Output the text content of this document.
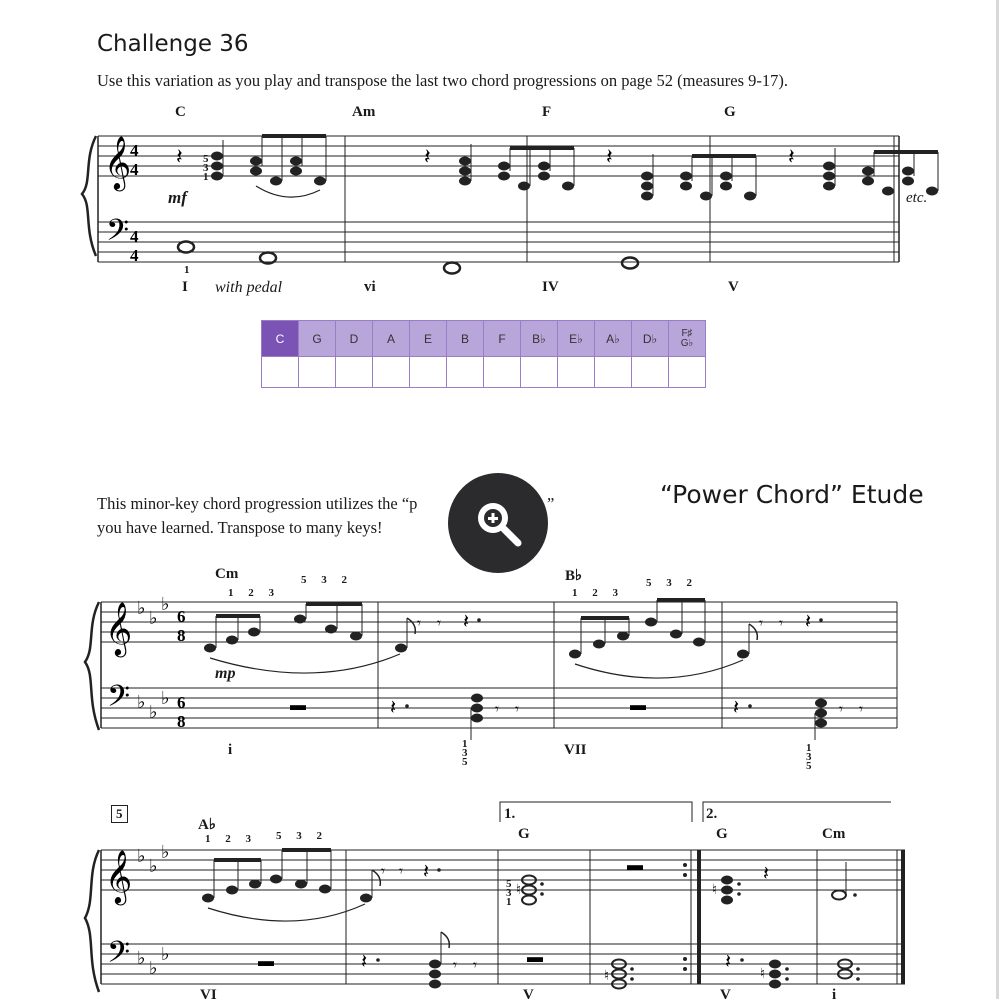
Challenge 36
Use this variation as you play and transpose the last two chord progressions on page 52 (measures 9-17).
C	Am	F	G
𝄞
𝄢
4
4
4
4
𝄽	𝄽	𝄽	𝄽
5
3
1
mf	etc.
1
I with pedal	vi	IV	V
C	G	D	A	E	B	F	B♭	E♭	A♭	D♭	F♯
G♭

“Power Chord” Etude
This minor-key chord progression utilizes the “p	”
you have learned. Transpose to many keys!
Cm	B♭
1 2 3
5 3 2
1 2 3
5 3 2
𝄞
𝄢
♭ ♭
♭
♭ ♭
♭
6
8
6
8
▬
𝄾 𝄾 𝄽
𝄽	𝄾 𝄾	▬
𝄾 𝄾 𝄽
𝄽	𝄾 𝄾
mp
1
3
5
1
3
5
i	VII
5
A♭
1 2 3 5 3 2
1.	2.
G	G	Cm
𝄞
𝄢
♭ ♭
♭
♭ ♭
♭	▬
𝄾 𝄾 𝄽
𝄽	𝄾 𝄾
♮
▬
▬
♮
♮
𝄽
𝄽
♮
5
3
1
VI	V	V	i
